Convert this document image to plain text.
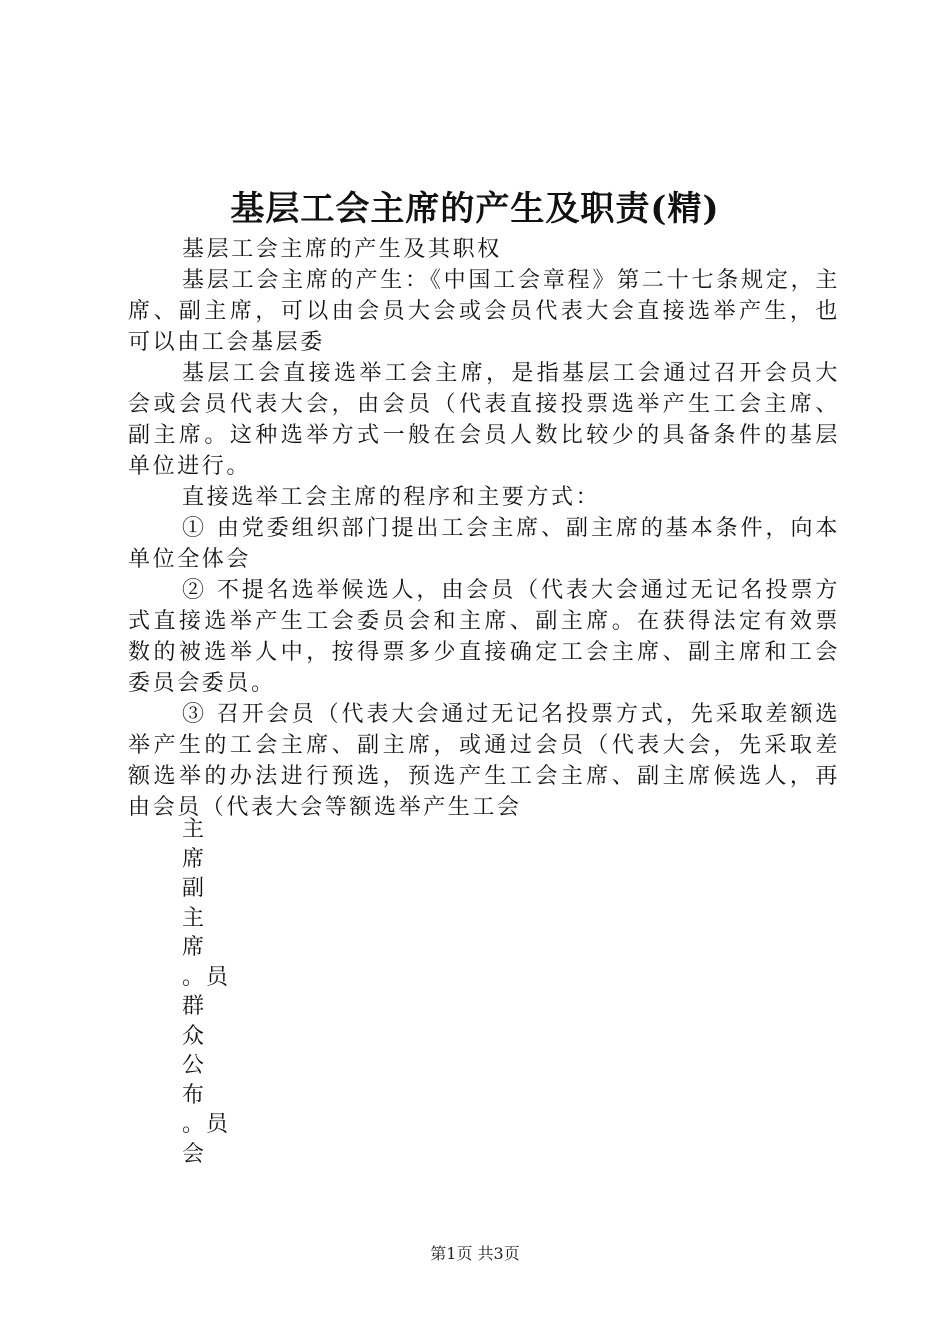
基层工会主席的产生及职责(精)

基层工会主席的产生及其职权

基层工会主席的产生：《中国工会章程》第二十七条规定，主席、副主席，可以由会员大会或会员代表大会直接选举产生，也可以由工会基层委

基层工会直接选举工会主席，是指基层工会通过召开会员大会或会员代表大会，由会员（代表直接投票选举产生工会主席、副主席。这种选举方式一般在会员人数比较少的具备条件的基层单位进行。

直接选举工会主席的程序和主要方式：

① 由党委组织部门提出工会主席、副主席的基本条件，向本单位全体会

② 不提名选举候选人，由会员（代表大会通过无记名投票方式直接选举产生工会委员会和主席、副主席。在获得法定有效票数的被选举人中，按得票多少直接确定工会主席、副主席和工会委员会委员。

③ 召开会员（代表大会通过无记名投票方式，先采取差额选举产生的工会主席、副主席，或通过会员（代表大会，先采取差额选举的办法进行预选，预选产生工会主席、副主席候选人，再由会员（代表大会等额选举产生工会

主
席
副
主
席
。员
群
众
公
布
。员
会
第1页 共3页
